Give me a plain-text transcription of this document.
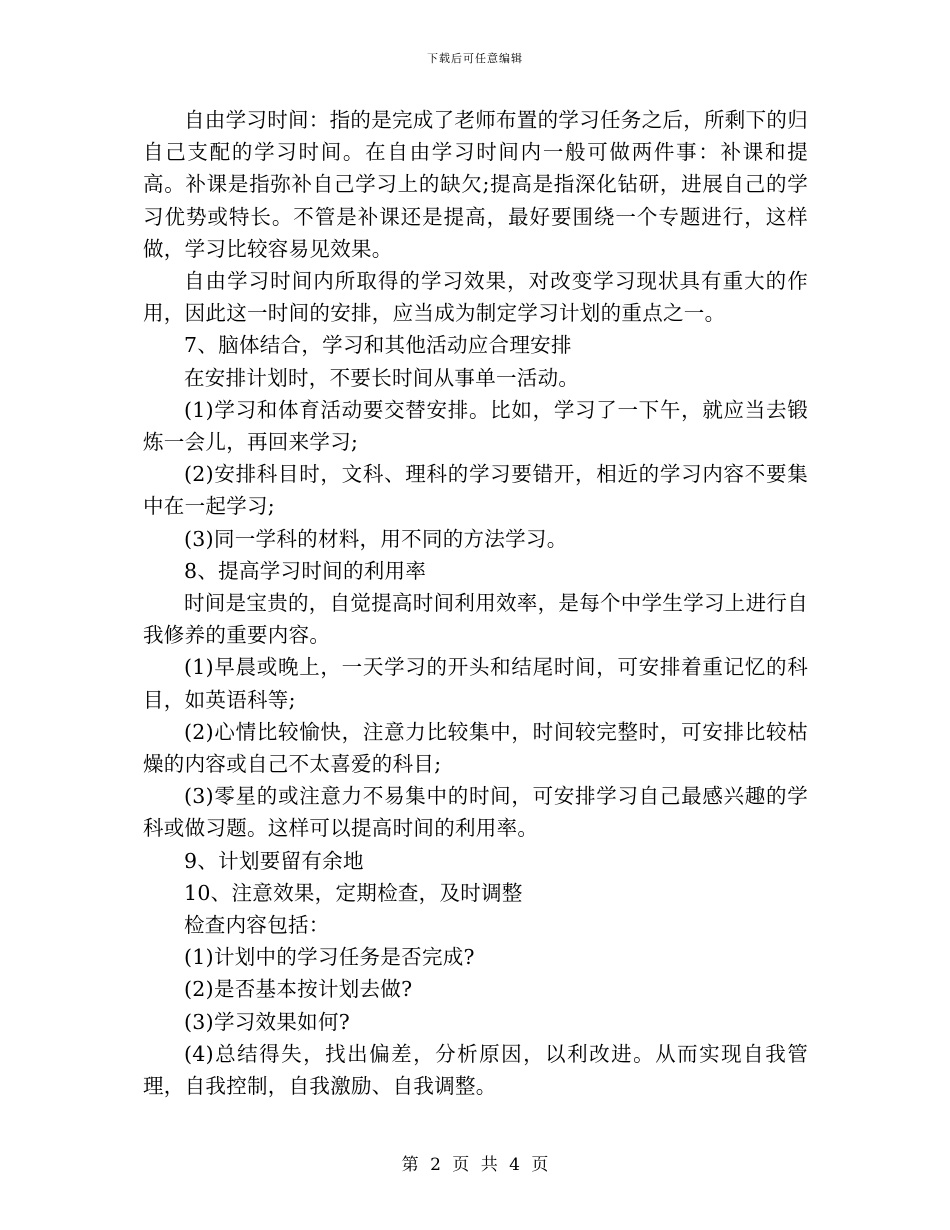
下载后可任意编辑

自由学习时间：指的是完成了老师布置的学习任务之后，所剩下的归自己支配的学习时间。在自由学习时间内一般可做两件事：补课和提高。补课是指弥补自己学习上的缺欠;提高是指深化钻研，进展自己的学习优势或特长。不管是补课还是提高，最好要围绕一个专题进行，这样做，学习比较容易见效果。

自由学习时间内所取得的学习效果，对改变学习现状具有重大的作用，因此这一时间的安排，应当成为制定学习计划的重点之一。

7、脑体结合，学习和其他活动应合理安排

在安排计划时，不要长时间从事单一活动。

(1)学习和体育活动要交替安排。比如，学习了一下午，就应当去锻炼一会儿，再回来学习;

(2)安排科目时，文科、理科的学习要错开，相近的学习内容不要集中在一起学习;

(3)同一学科的材料，用不同的方法学习。

8、提高学习时间的利用率

时间是宝贵的，自觉提高时间利用效率，是每个中学生学习上进行自我修养的重要内容。

(1)早晨或晚上，一天学习的开头和结尾时间，可安排着重记忆的科目，如英语科等;

(2)心情比较愉快，注意力比较集中，时间较完整时，可安排比较枯燥的内容或自己不太喜爱的科目;

(3)零星的或注意力不易集中的时间，可安排学习自己最感兴趣的学科或做习题。这样可以提高时间的利用率。

9、计划要留有余地

10、注意效果，定期检查，及时调整

检查内容包括：

(1)计划中的学习任务是否完成?

(2)是否基本按计划去做?

(3)学习效果如何?

(4)总结得失，找出偏差，分析原因，以利改进。从而实现自我管理，自我控制，自我激励、自我调整。

第 2 页 共 4 页
